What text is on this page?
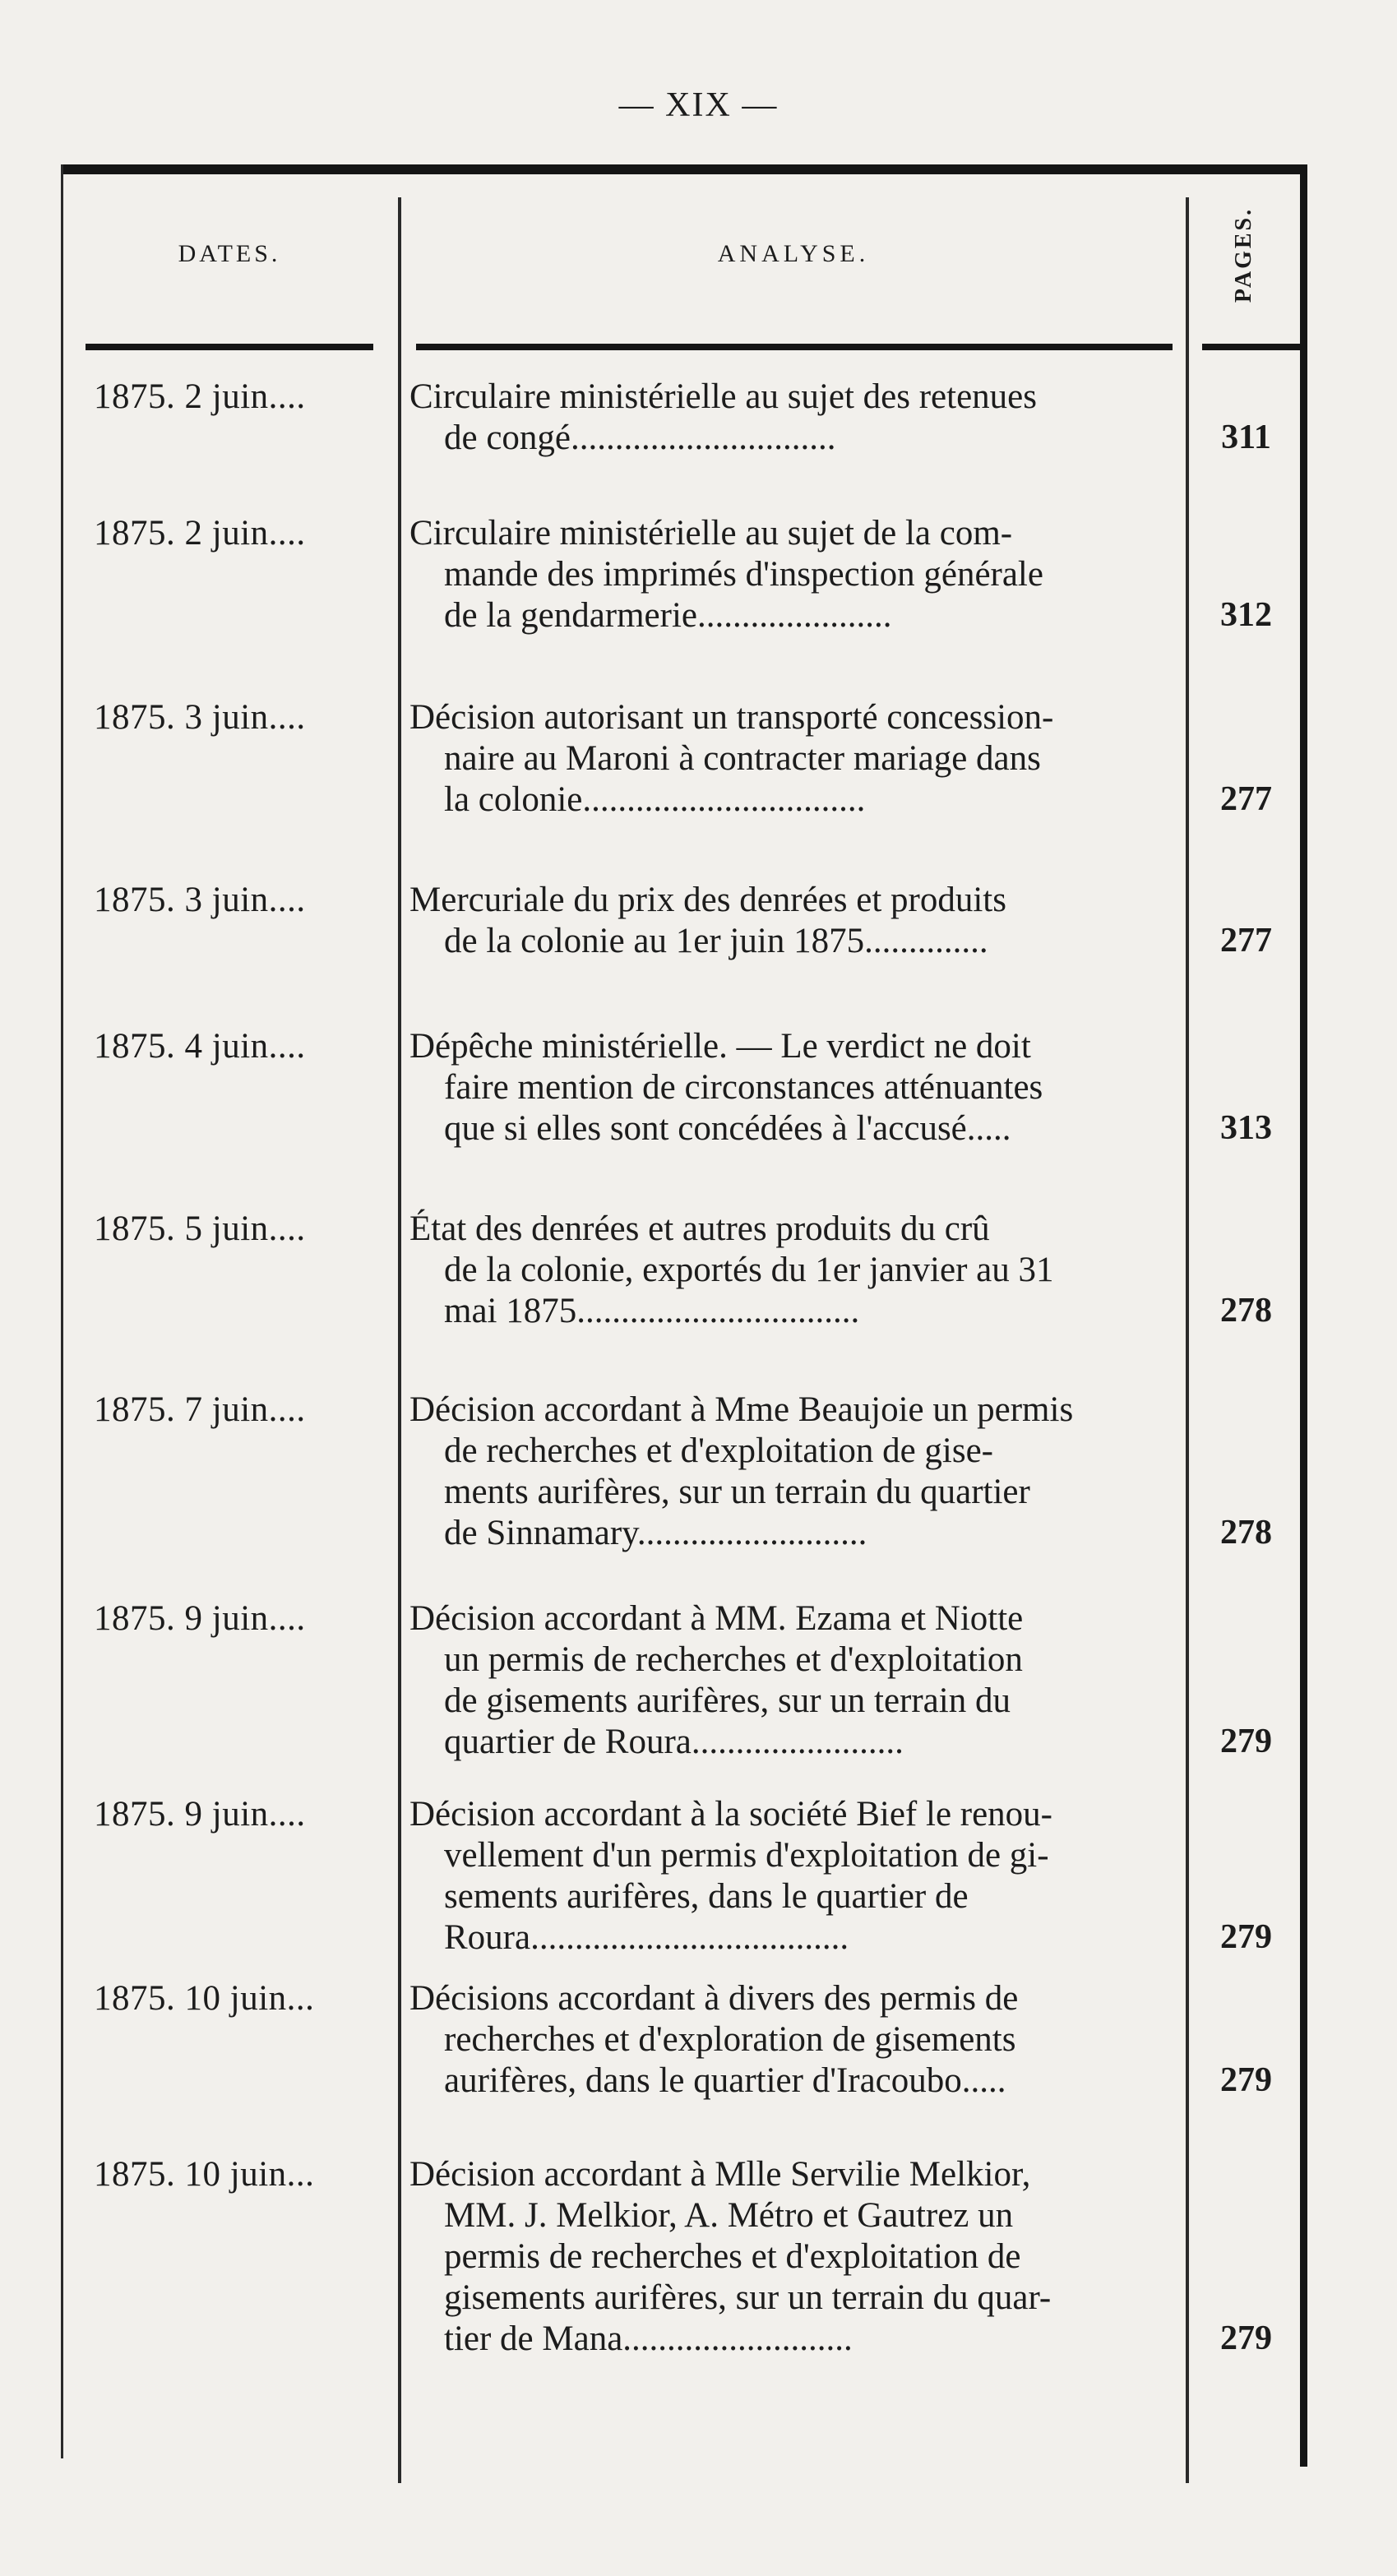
— XIX —
DATES.	ANALYSE.	PAGES.
1875. 2 juin....	Circulaire ministérielle au sujet des retenues
de congé..............................	311
1875. 2 juin....	Circulaire ministérielle au sujet de la com-
mande des imprimés d'inspection générale
de la gendarmerie......................	312
1875. 3 juin....	Décision autorisant un transporté concession-
naire au Maroni à contracter mariage dans
la colonie................................	277
1875. 3 juin....	Mercuriale du prix des denrées et produits
de la colonie au 1er juin 1875..............	277
1875. 4 juin....	Dépêche ministérielle. — Le verdict ne doit
faire mention de circonstances atténuantes
que si elles sont concédées à l'accusé.....	313
1875. 5 juin....	État des denrées et autres produits du crû
de la colonie, exportés du 1er janvier au 31
mai 1875................................	278
1875. 7 juin....	Décision accordant à Mme Beaujoie un permis
de recherches et d'exploitation de gise-
ments aurifères, sur un terrain du quartier
de Sinnamary..........................	278
1875. 9 juin....	Décision accordant à MM. Ezama et Niotte
un permis de recherches et d'exploitation
de gisements aurifères, sur un terrain du
quartier de Roura........................	279
1875. 9 juin....	Décision accordant à la société Bief le renou-
vellement d'un permis d'exploitation de gi-
sements aurifères, dans le quartier de
Roura....................................	279
1875. 10 juin...	Décisions accordant à divers des permis de
recherches et d'exploration de gisements
aurifères, dans le quartier d'Iracoubo.....	279
1875. 10 juin...	Décision accordant à Mlle Servilie Melkior,
MM. J. Melkior, A. Métro et Gautrez un
permis de recherches et d'exploitation de
gisements aurifères, sur un terrain du quar-
tier de Mana..........................	279
